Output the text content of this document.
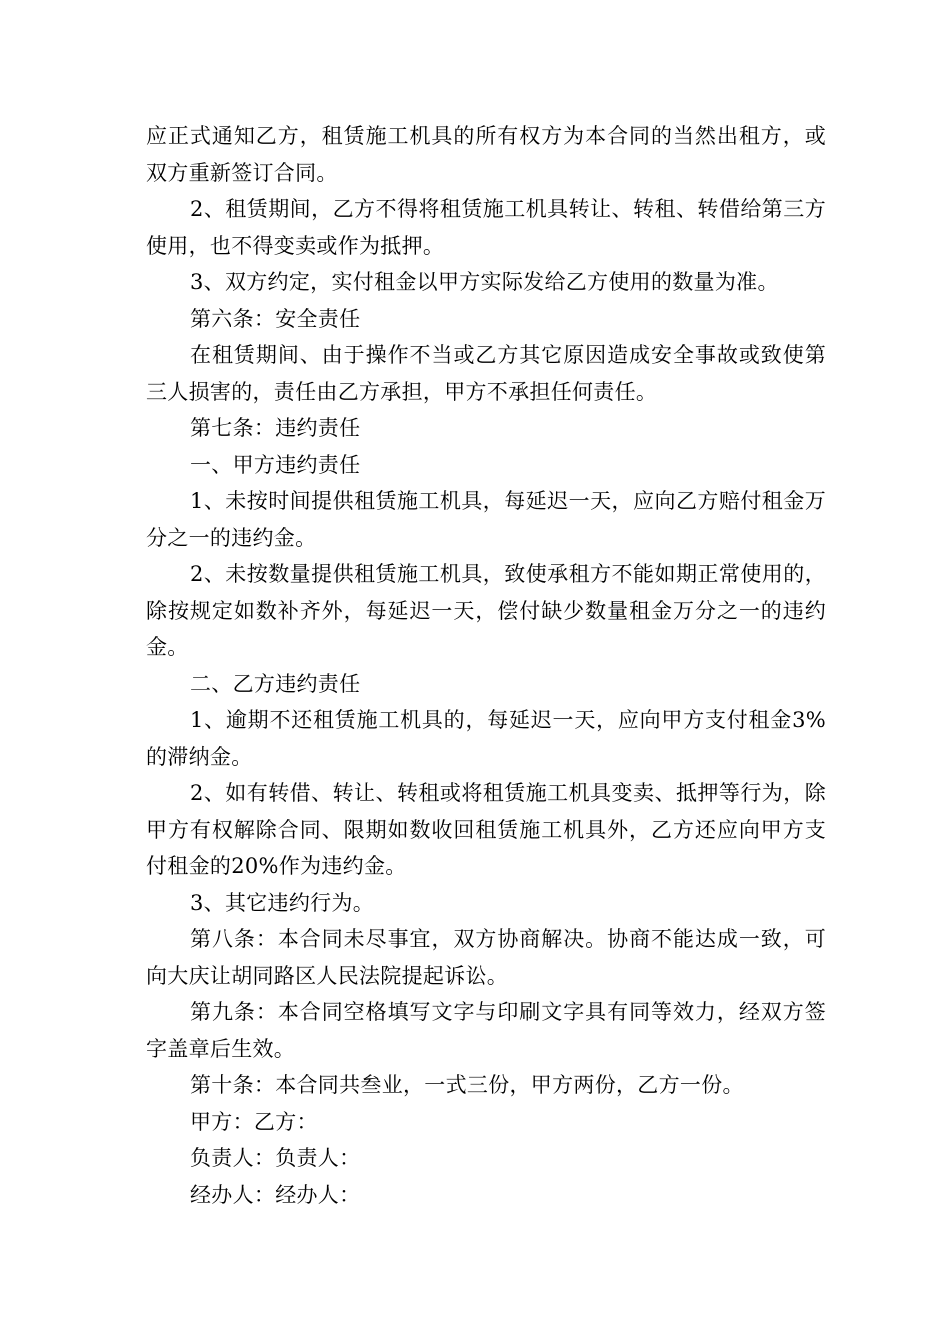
应正式通知乙方，租赁施工机具的所有权方为本合同的当然出租方，或双方重新签订合同。

2、租赁期间，乙方不得将租赁施工机具转让、转租、转借给第三方使用，也不得变卖或作为抵押。

3、双方约定，实付租金以甲方实际发给乙方使用的数量为准。

第六条：安全责任

在租赁期间、由于操作不当或乙方其它原因造成安全事故或致使第三人损害的，责任由乙方承担，甲方不承担任何责任。

第七条：违约责任

一、甲方违约责任

1、未按时间提供租赁施工机具，每延迟一天，应向乙方赔付租金万分之一的违约金。

2、未按数量提供租赁施工机具，致使承租方不能如期正常使用的，除按规定如数补齐外，每延迟一天，偿付缺少数量租金万分之一的违约金。

二、乙方违约责任

1、逾期不还租赁施工机具的，每延迟一天，应向甲方支付租金3%的滞纳金。

2、如有转借、转让、转租或将租赁施工机具变卖、抵押等行为，除甲方有权解除合同、限期如数收回租赁施工机具外，乙方还应向甲方支付租金的20%作为违约金。

3、其它违约行为。

第八条：本合同未尽事宜，双方协商解决。协商不能达成一致，可向大庆让胡同路区人民法院提起诉讼。

第九条：本合同空格填写文字与印刷文字具有同等效力，经双方签字盖章后生效。

第十条：本合同共叁业，一式三份，甲方两份，乙方一份。

甲方：乙方：

负责人：负责人：

经办人：经办人：
